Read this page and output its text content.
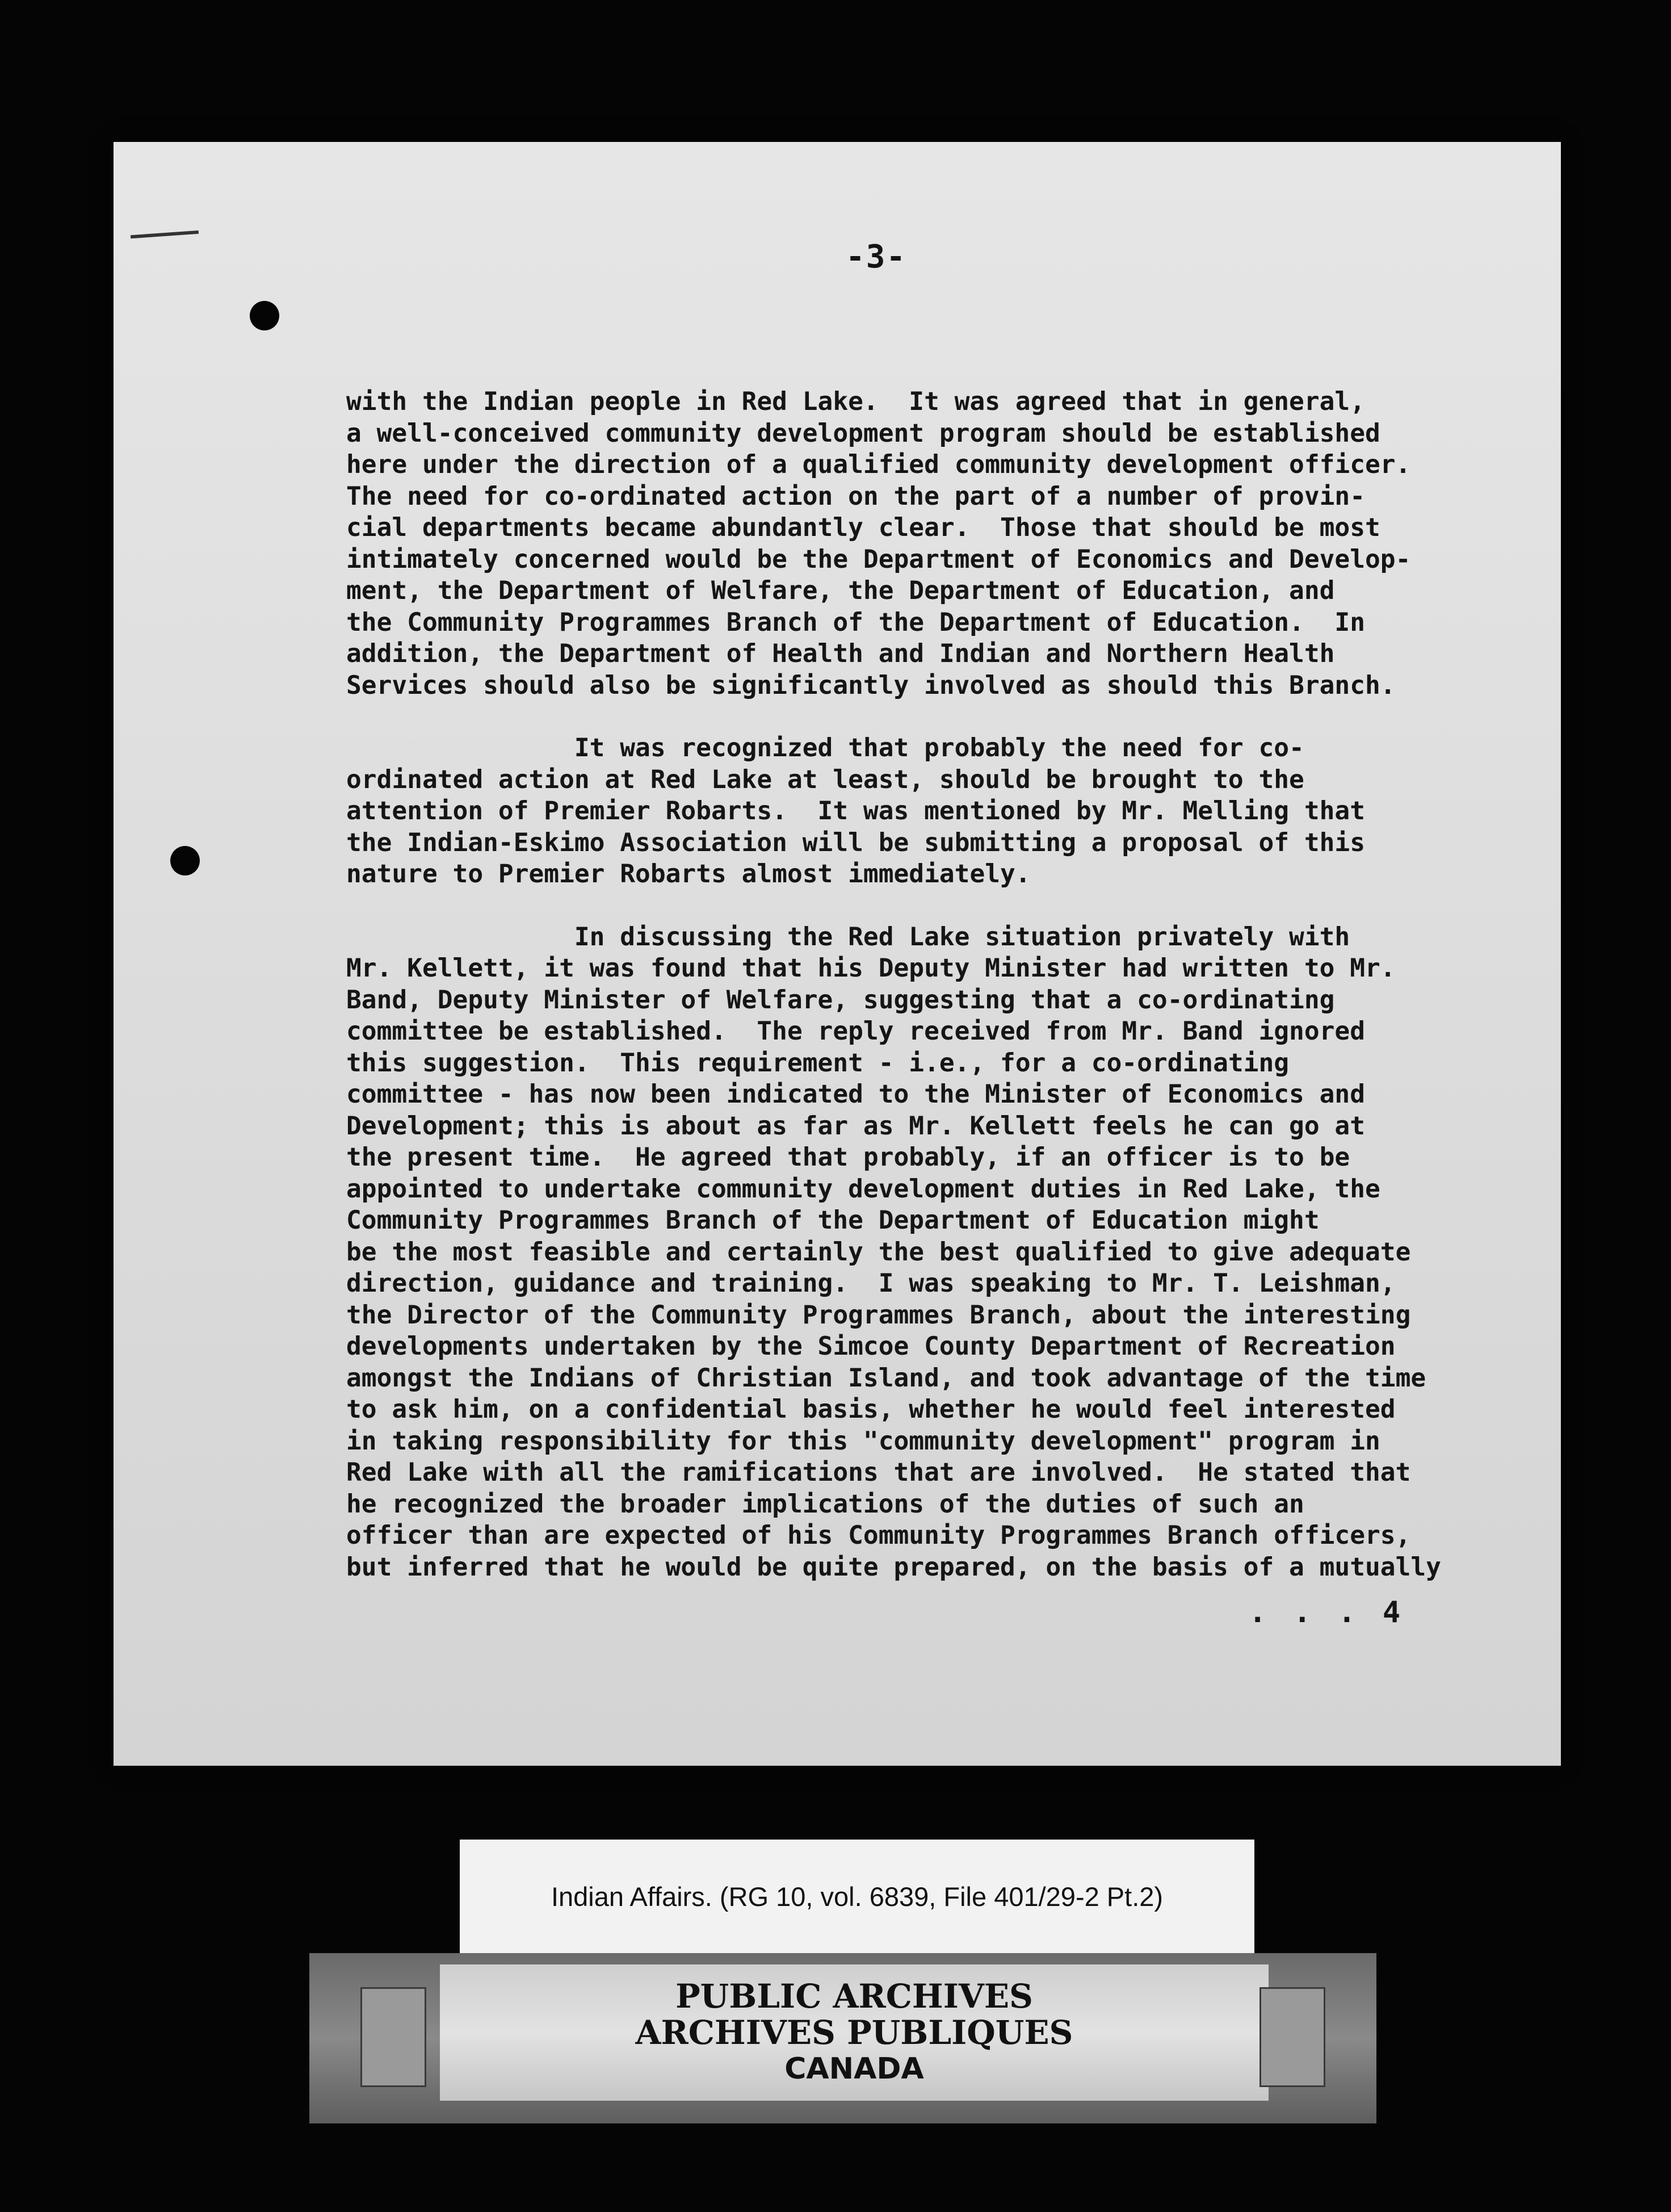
-3-
with the Indian people in Red Lake.  It was agreed that in general,
a well-conceived community development program should be established
here under the direction of a qualified community development officer.
The need for co-ordinated action on the part of a number of provin-
cial departments became abundantly clear.  Those that should be most
intimately concerned would be the Department of Economics and Develop-
ment, the Department of Welfare, the Department of Education, and
the Community Programmes Branch of the Department of Education.  In
addition, the Department of Health and Indian and Northern Health
Services should also be significantly involved as should this Branch.
It was recognized that probably the need for co-
ordinated action at Red Lake at least, should be brought to the
attention of Premier Robarts.  It was mentioned by Mr. Melling that
the Indian-Eskimo Association will be submitting a proposal of this
nature to Premier Robarts almost immediately.
In discussing the Red Lake situation privately with
Mr. Kellett, it was found that his Deputy Minister had written to Mr.
Band, Deputy Minister of Welfare, suggesting that a co-ordinating
committee be established.  The reply received from Mr. Band ignored
this suggestion.  This requirement - i.e., for a co-ordinating
committee - has now been indicated to the Minister of Economics and
Development; this is about as far as Mr. Kellett feels he can go at
the present time.  He agreed that probably, if an officer is to be
appointed to undertake community development duties in Red Lake, the
Community Programmes Branch of the Department of Education might
be the most feasible and certainly the best qualified to give adequate
direction, guidance and training.  I was speaking to Mr. T. Leishman,
the Director of the Community Programmes Branch, about the interesting
developments undertaken by the Simcoe County Department of Recreation
amongst the Indians of Christian Island, and took advantage of the time
to ask him, on a confidential basis, whether he would feel interested
in taking responsibility for this "community development" program in
Red Lake with all the ramifications that are involved.  He stated that
he recognized the broader implications of the duties of such an
officer than are expected of his Community Programmes Branch officers,
but inferred that he would be quite prepared, on the basis of a mutually
. . . 4
Indian Affairs. (RG 10, vol. 6839, File 401/29-2 Pt.2)
PUBLIC ARCHIVES
ARCHIVES PUBLIQUES
CANADA
